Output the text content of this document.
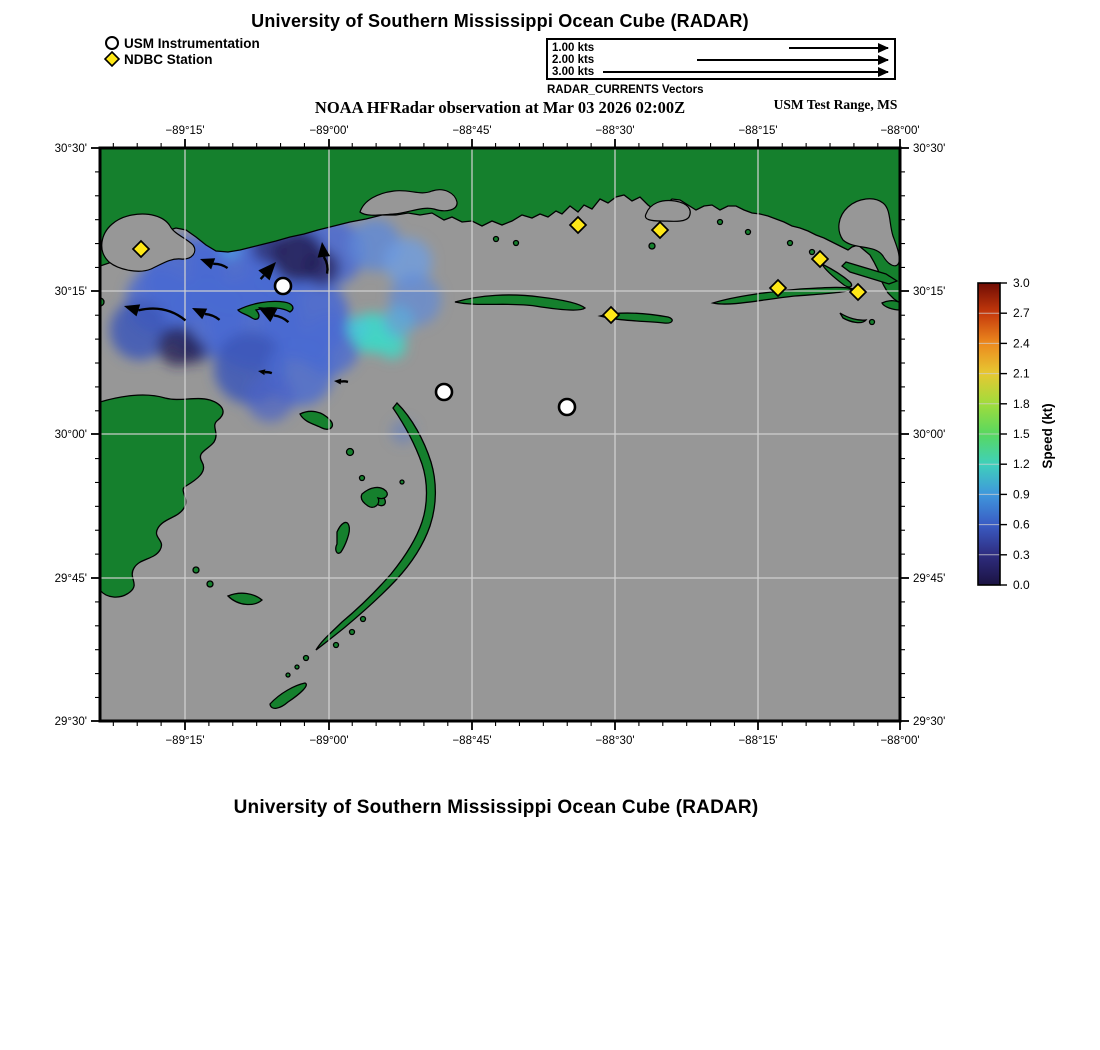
University of Southern Mississippi Ocean Cube (RADAR)
USM Instrumentation
NDBC Station
1.00 kts
2.00 kts
3.00 kts
RADAR_CURRENTS Vectors
NOAA HFRadar observation at Mar 03 2026 02:00Z	USM Test Range, MS
−89°15'
−89°15'
−89°00'
−89°00'
−88°45'
−88°45'
−88°30'
−88°30'
−88°15'
−88°15'
−88°00'
−88°00'
30°30'	30°30'
30°15'	30°15'
30°00'	30°00'
29°45'	29°45'
29°30'	29°30'
0.0
0.3
0.6
0.9
1.2
1.5
1.8
2.1
2.4
2.7
3.0
Speed (kt)
University of Southern Mississippi Ocean Cube (RADAR)
